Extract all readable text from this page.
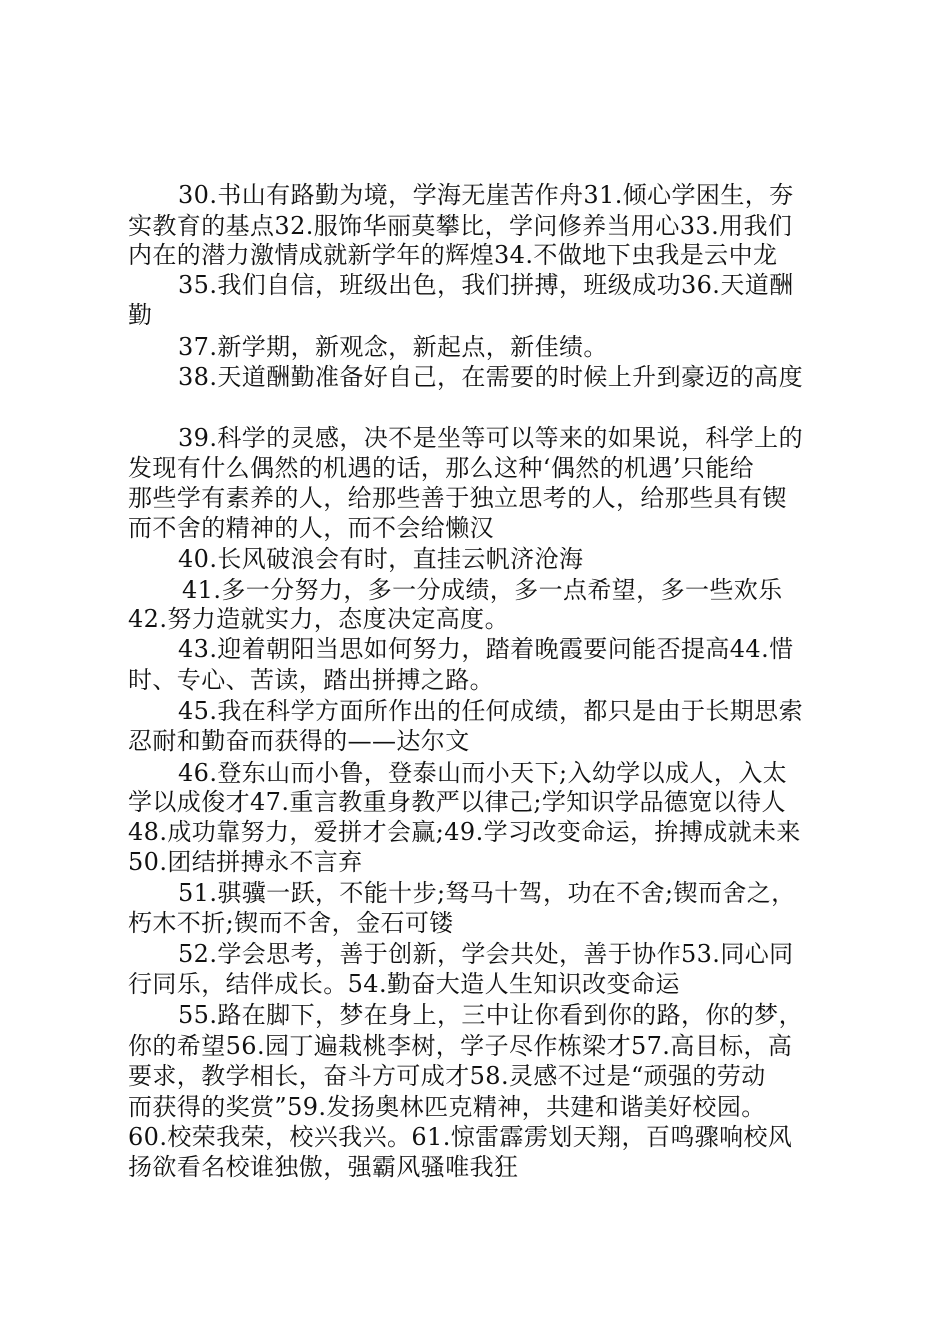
30.书山有路勤为境，学海无崖苦作舟31.倾心学困生，夯
实教育的基点32.服饰华丽莫攀比，学问修养当用心33.用我们
内在的潜力激情成就新学年的辉煌34.不做地下虫我是云中龙
35.我们自信，班级出色，我们拼搏，班级成功36.天道酬
勤
37.新学期，新观念，新起点，新佳绩。
38.天道酬勤准备好自己，在需要的时候上升到豪迈的高度
39.科学的灵感，决不是坐等可以等来的如果说，科学上的
发现有什么偶然的机遇的话，那么这种‘偶然的机遇’只能给
那些学有素养的人，给那些善于独立思考的人，给那些具有锲
而不舍的精神的人，而不会给懒汉
40.长风破浪会有时，直挂云帆济沧海
41.多一分努力，多一分成绩，多一点希望，多一些欢乐
42.努力造就实力，态度决定高度。
43.迎着朝阳当思如何努力，踏着晚霞要问能否提高44.惜
时、专心、苦读，踏出拼搏之路。
45.我在科学方面所作出的任何成绩，都只是由于长期思索
忍耐和勤奋而获得的——达尔文
46.登东山而小鲁，登泰山而小天下;入幼学以成人，入太
学以成俊才47.重言教重身教严以律己;学知识学品德宽以待人
48.成功靠努力，爱拼才会赢;49.学习改变命运，拚搏成就未来
50.团结拼搏永不言弃
51.骐骥一跃，不能十步;驽马十驾，功在不舍;锲而舍之，
朽木不折;锲而不舍，金石可镂
52.学会思考，善于创新，学会共处，善于协作53.同心同
行同乐，结伴成长。54.勤奋大造人生知识改变命运
55.路在脚下，梦在身上，三中让你看到你的路，你的梦，
你的希望56.园丁遍栽桃李树，学子尽作栋梁才57.高目标，高
要求，教学相长，奋斗方可成才58.灵感不过是“顽强的劳动
而获得的奖赏”59.发扬奥林匹克精神，共建和谐美好校园。
60.校荣我荣，校兴我兴。61.惊雷霹雳划天翔，百鸣骤响校风
扬欲看名校谁独傲，强霸风骚唯我狂
